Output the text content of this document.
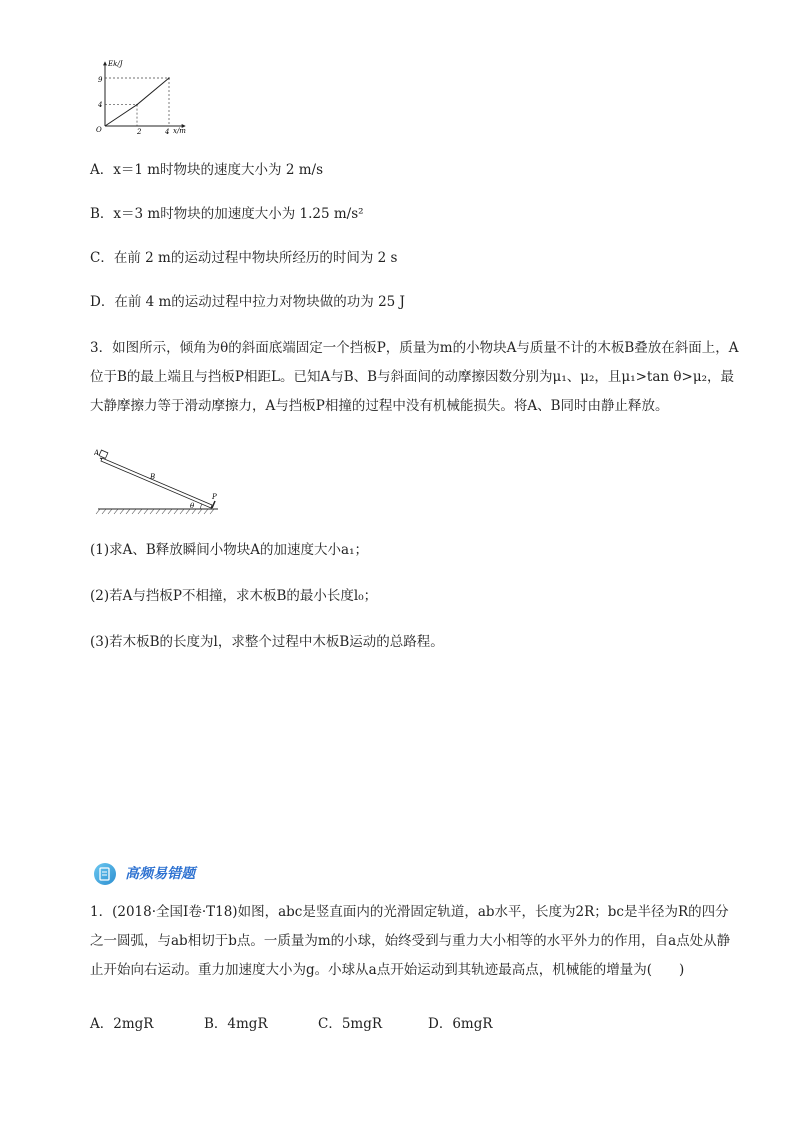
Ek/J
x/m
O
9
4
2	4
A．x＝1 m时物块的速度大小为 2 m/s
B．x＝3 m时物块的加速度大小为 1.25 m/s²
C．在前 2 m的运动过程中物块所经历的时间为 2 s
D．在前 4 m的运动过程中拉力对物块做的功为 25 J
3．如图所示，倾角为θ的斜面底端固定一个挡板P，质量为m的小物块A与质量不计的木板B叠放在斜面上，A位于B的最上端且与挡板P相距L。已知A与B、B与斜面间的动摩擦因数分别为μ₁、μ₂，且μ₁>tan θ>μ₂，最大静摩擦力等于滑动摩擦力，A与挡板P相撞的过程中没有机械能损失。将A、B同时由静止释放。
A
B
P
θ
(1)求A、B释放瞬间小物块A的加速度大小a₁；
(2)若A与挡板P不相撞，求木板B的最小长度l₀；
(3)若木板B的长度为l，求整个过程中木板B运动的总路程。
高频易错题
1．(2018·全国Ⅰ卷·T18)如图，abc是竖直面内的光滑固定轨道，ab水平，长度为2R；bc是半径为R的四分之一圆弧，与ab相切于b点。一质量为m的小球，始终受到与重力大小相等的水平外力的作用，自a点处从静止开始向右运动。重力加速度大小为g。小球从a点开始运动到其轨迹最高点，机械能的增量为(　　)
A．2mgR	B．4mgR	C．5mgR	D．6mgR
